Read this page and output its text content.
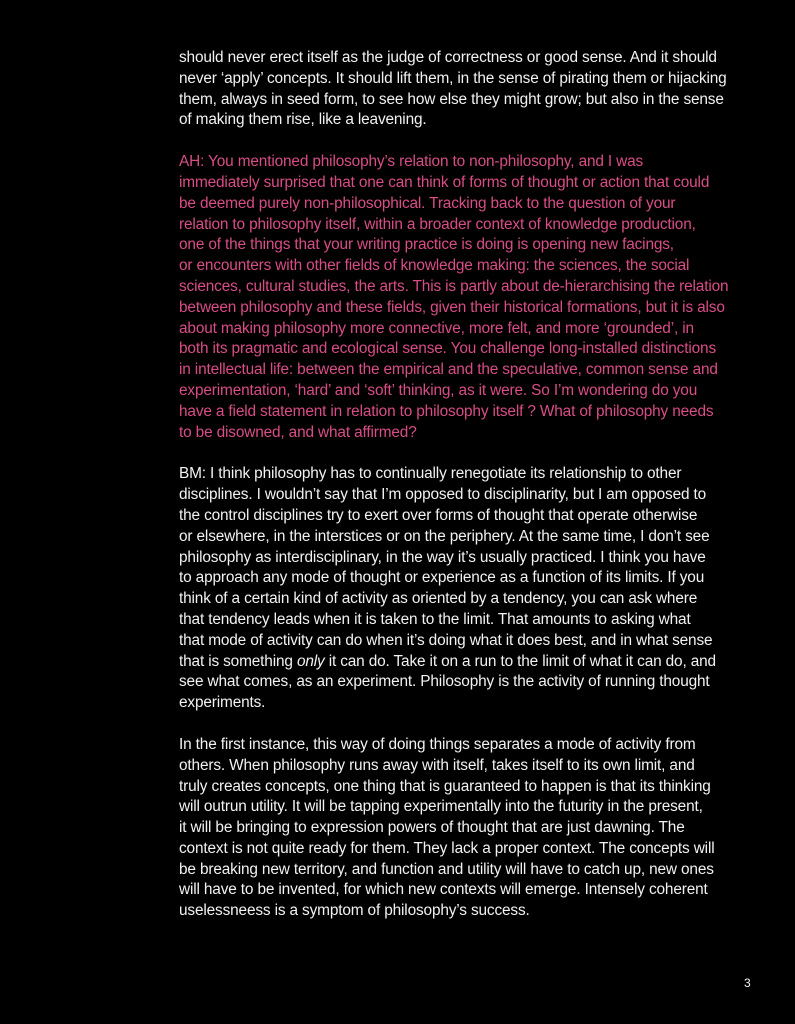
should never erect itself as the judge of correctness or good sense. And it should
never ‘apply’ concepts. It should lift them, in the sense of pirating them or hijacking
them, always in seed form, to see how else they might grow; but also in the sense
of making them rise, like a leavening.

AH: You mentioned philosophy’s relation to non-philosophy, and I was
immediately surprised that one can think of forms of thought or action that could
be deemed purely non-philosophical. Tracking back to the question of your
relation to philosophy itself, within a broader context of knowledge production,
one of the things that your writing practice is doing is opening new facings,
or encounters with other fields of knowledge making: the sciences, the social
sciences, cultural studies, the arts. This is partly about de-hierarchising the relation
between philosophy and these fields, given their historical formations, but it is also
about making philosophy more connective, more felt, and more ‘grounded’, in
both its pragmatic and ecological sense. You challenge long-installed distinctions
in intellectual life: between the empirical and the speculative, common sense and
experimentation, ‘hard’ and ‘soft’ thinking, as it were. So I’m wondering do you
have a field statement in relation to philosophy itself ? What of philosophy needs
to be disowned, and what affirmed?

BM: I think philosophy has to continually renegotiate its relationship to other
disciplines. I wouldn’t say that I’m opposed to disciplinarity, but I am opposed to
the control disciplines try to exert over forms of thought that operate otherwise
or elsewhere, in the interstices or on the periphery. At the same time, I don’t see
philosophy as interdisciplinary, in the way it’s usually practiced. I think you have
to approach any mode of thought or experience as a function of its limits. If you
think of a certain kind of activity as oriented by a tendency, you can ask where
that tendency leads when it is taken to the limit. That amounts to asking what
that mode of activity can do when it’s doing what it does best, and in what sense
that is something only it can do. Take it on a run to the limit of what it can do, and
see what comes, as an experiment. Philosophy is the activity of running thought
experiments.

In the first instance, this way of doing things separates a mode of activity from
others. When philosophy runs away with itself, takes itself to its own limit, and
truly creates concepts, one thing that is guaranteed to happen is that its thinking
will outrun utility. It will be tapping experimentally into the futurity in the present,
it will be bringing to expression powers of thought that are just dawning. The
context is not quite ready for them. They lack a proper context. The concepts will
be breaking new territory, and function and utility will have to catch up, new ones
will have to be invented, for which new contexts will emerge. Intensely coherent
uselessneess is a symptom of philosophy’s success.

3
